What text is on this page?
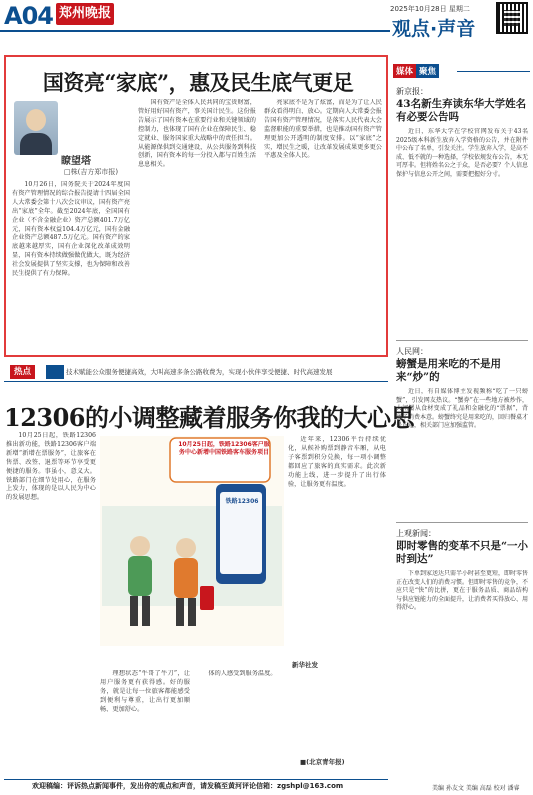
A04 郑州晚报	2025年10月28日 星期二
观点·声音
国资亮“家底”，惠及民生底气更足
瞭望塔
□株(吉方郑市报)
10月26日，国务院关于2024年度国有资产管理情况的综合报告提请十四届全国人大常委会第十八次会议审议，国有资产亮出“家底”全年。截至2024年底，全国国有企业（不含金融企业）资产总额401.7万亿元，国有资本权益104.4万亿元，国有金融企业资产总额487.5万亿元。国有资产的家底越来越厚实，国有企业深化改革成效明显，国有资本持续做强做优做大，既为经济社会发展提供了坚实支撑，也为保障和改善民生提供了有力保障。
国有资产是全体人民共同的宝贵财富，管好用好国有资产，事关国计民生。这份报告展示了国有资本在重要行业和关键领域的控制力，也体现了国有企业在保障民生、稳定就业、服务国家重大战略中的责任担当。从能源保供到交通建设，从公共服务到科技创新，国有资本的每一分投入都与百姓生活息息相关。
亮家底不是为了炫富，而是为了让人民群众看得明白、放心。定期向人大常委会报告国有资产管理情况，是落实人民代表大会监督职能的重要举措，也是推动国有资产管理更加公开透明的制度安排。以“家底”之实，增民生之暖，让改革发展成果更多更公平惠及全体人民。
媒体 聚焦
新京报：
43名新生弃读东华大学姓名有必要公告吗
近日，东华大学在学校官网发布关于43名2025级本科新生放弃入学资格的公告，并在附件中公布了名单，引发关注。学生放弃入学，是高不成、低不就的一种选择，学校依规发布公告，本无可厚非。但将姓名公之于众，是否必要？个人信息保护与信息公开之间，需要把握好分寸。
人民网：
螃蟹是用来吃的不是用来“炒”的
近日，有自媒体博主发视频称“吃了一只螃蟹”，引发网友热议。“蟹券”在一些地方被炒作，大闸蟹从食材变成了礼品和金融化的“票据”，背离了消费本意。螃蟹终究是用来吃的，回归餐桌才是正途，相关部门应加强监管。
上观新闻：
即时零售的变革不只是“一小时到达”
下单到家送达只需半小时甚至更短，即时零售正在改变人们的消费习惯。但即时零售的竞争，不应只是“快”的比拼，更在于服务品质、商品结构与供应链能力的全面提升，让消费者买得放心、用得舒心。
热点	技术赋能公众服务便捷高效，大叫高速多条公路收费为，实现小伙伴享受便捷、时代高速发展
12306的小调整藏着服务你我的大心思
10月25日起，铁路12306推出新功能，铁路12306客户端新增“新增在票服务”，让旅客在售票、改签、退票等环节享受更便捷的服务。事虽小，意义大。铁路部门在细节处用心，在服务上发力，体现的是以人民为中心的发展思想。
10月25日起，铁路12306客户服务中心新增中国铁路客车服务项目
铁路12306
新华社发
近年来，12306平台持续优化，从候补购票到静音车厢，从电子客票到积分兑换，每一项小调整都回应了旅客的真实需求。此次新功能上线，进一步提升了出行体验，让服务更有温度。
理想状态“牛哥了牛刀”，让用户服务更有获得感。好的服务，就是让每一位旅客都能感受到便利与尊重，让出行更加顺畅、更加舒心。
体的人感受到服务温度。
■(北京青年报)
欢迎稿编：评诉热点新闻事件，发出你的观点和声音，请发稿至黄河评论信箱：zgshpl@163.com	美编 孙友文 美编 高磊 校对 潘睿
